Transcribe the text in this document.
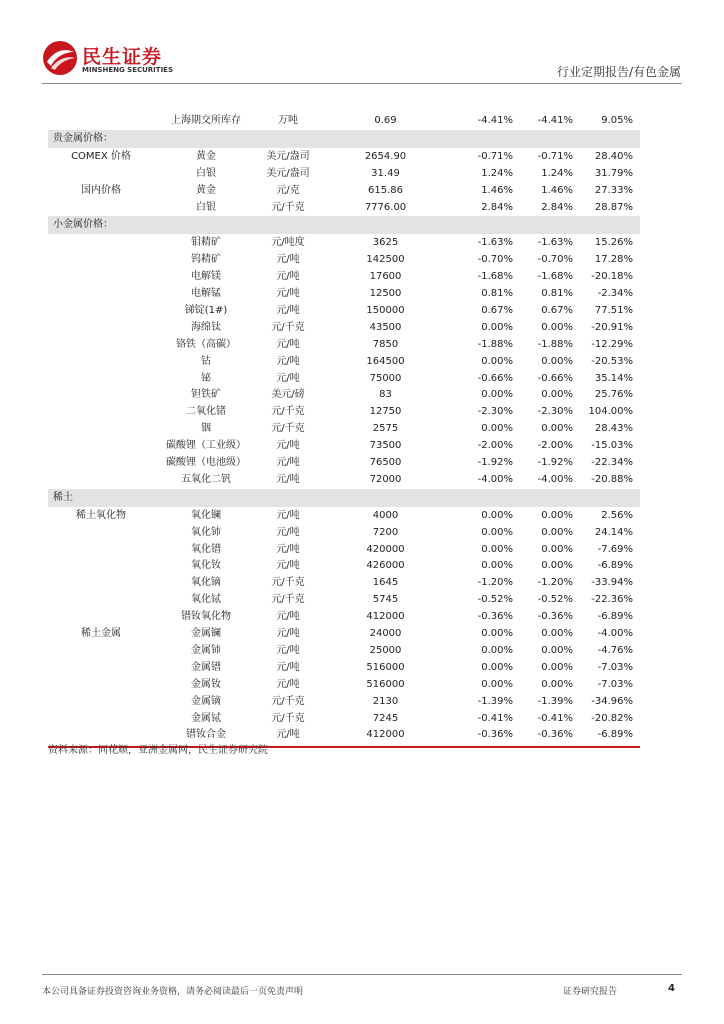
民生证券
MINSHENG SECURITIES	行业定期报告/有色金属
上海期交所库存	万吨	0.69	-4.41%	-4.41%	9.05%
贵金属价格：
COMEX 价格	黄金	美元/盎司	2654.90	-0.71%	-0.71%	28.40%
白银	美元/盎司	31.49	1.24%	1.24%	31.79%
国内价格	黄金	元/克	615.86	1.46%	1.46%	27.33%
白银	元/千克	7776.00	2.84%	2.84%	28.87%
小金属价格：
钼精矿	元/吨度	3625	-1.63%	-1.63%	15.26%
钨精矿	元/吨	142500	-0.70%	-0.70%	17.28%
电解镁	元/吨	17600	-1.68%	-1.68%	-20.18%
电解锰	元/吨	12500	0.81%	0.81%	-2.34%
锑锭(1#)	元/吨	150000	0.67%	0.67%	77.51%
海绵钛	元/千克	43500	0.00%	0.00%	-20.91%
铬铁（高碳）	元/吨	7850	-1.88%	-1.88%	-12.29%
钴	元/吨	164500	0.00%	0.00%	-20.53%
铋	元/吨	75000	-0.66%	-0.66%	35.14%
钽铁矿	美元/磅	83	0.00%	0.00%	25.76%
二氧化锗	元/千克	12750	-2.30%	-2.30%	104.00%
铟	元/千克	2575	0.00%	0.00%	28.43%
碳酸锂（工业级）	元/吨	73500	-2.00%	-2.00%	-15.03%
碳酸锂（电池级）	元/吨	76500	-1.92%	-1.92%	-22.34%
五氧化二钒	元/吨	72000	-4.00%	-4.00%	-20.88%
稀土
稀土氧化物	氧化镧	元/吨	4000	0.00%	0.00%	2.56%
氧化铈	元/吨	7200	0.00%	0.00%	24.14%
氧化镨	元/吨	420000	0.00%	0.00%	-7.69%
氧化钕	元/吨	426000	0.00%	0.00%	-6.89%
氧化镝	元/千克	1645	-1.20%	-1.20%	-33.94%
氧化铽	元/千克	5745	-0.52%	-0.52%	-22.36%
镨钕氧化物	元/吨	412000	-0.36%	-0.36%	-6.89%
稀土金属	金属镧	元/吨	24000	0.00%	0.00%	-4.00%
金属铈	元/吨	25000	0.00%	0.00%	-4.76%
金属镨	元/吨	516000	0.00%	0.00%	-7.03%
金属钕	元/吨	516000	0.00%	0.00%	-7.03%
金属镝	元/千克	2130	-1.39%	-1.39%	-34.96%
金属铽	元/千克	7245	-0.41%	-0.41%	-20.82%
镨钕合金	元/吨	412000	-0.36%	-0.36%	-6.89%
资料来源：同花顺，亚洲金属网，民生证券研究院
本公司具备证券投资咨询业务资格，请务必阅读最后一页免责声明	证券研究报告	4
